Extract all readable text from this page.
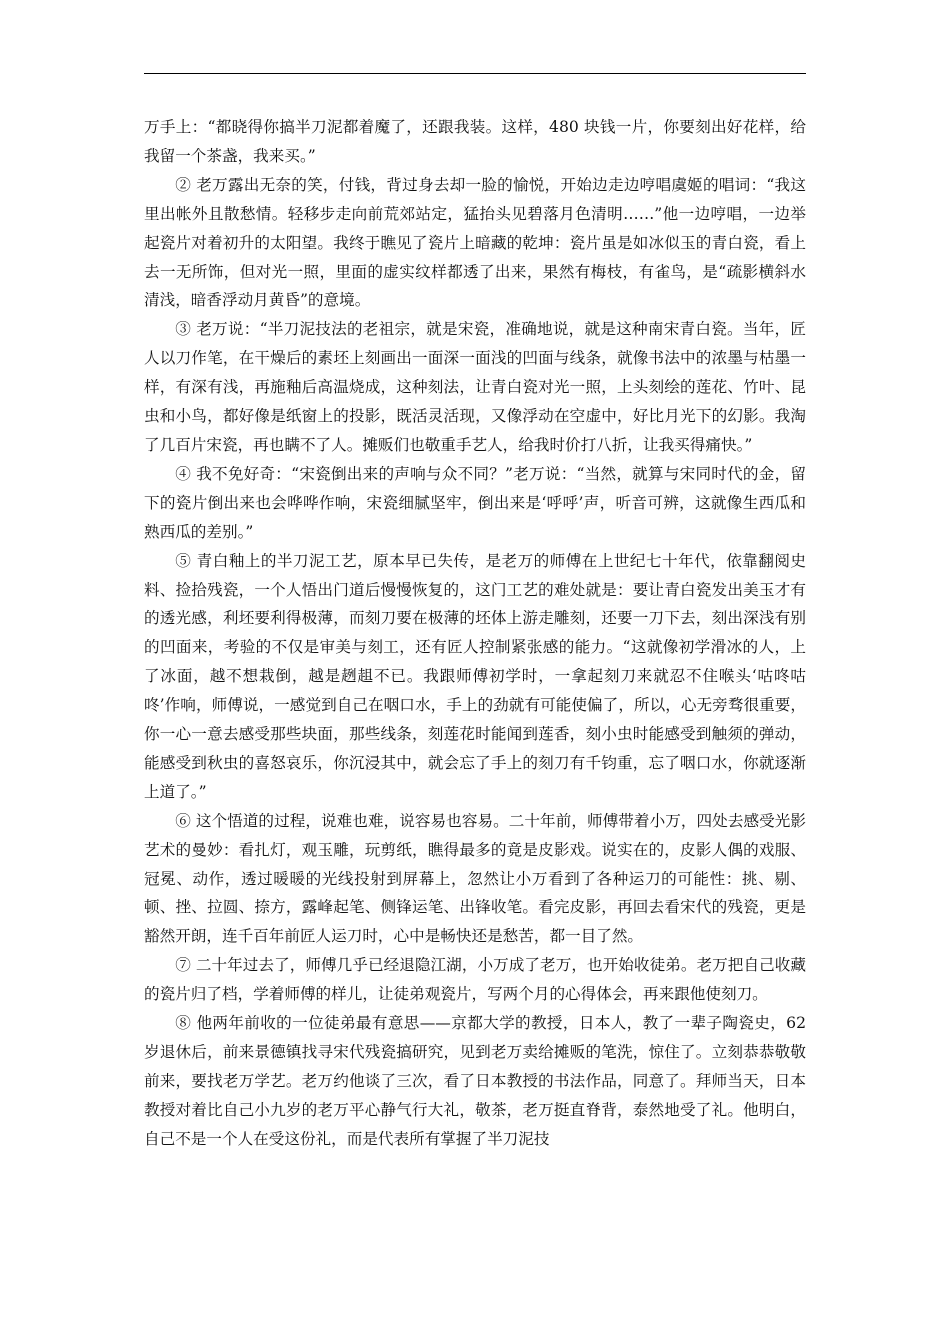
万手上：“都晓得你搞半刀泥都着魔了，还跟我装。这样，480 块钱一片，你要刻出好花样，给我留一个茶盏，我来买。”

② 老万露出无奈的笑，付钱，背过身去却一脸的愉悦，开始边走边哼唱虞姬的唱词：“我这里出帐外且散愁情。轻移步走向前荒郊站定，猛抬头见碧落月色清明……”他一边哼唱，一边举起瓷片对着初升的太阳望。我终于瞧见了瓷片上暗藏的乾坤：瓷片虽是如冰似玉的青白瓷，看上去一无所饰，但对光一照，里面的虚实纹样都透了出来，果然有梅枝，有雀鸟，是“疏影横斜水清浅，暗香浮动月黄昏”的意境。

③ 老万说：“半刀泥技法的老祖宗，就是宋瓷，准确地说，就是这种南宋青白瓷。当年，匠人以刀作笔，在干燥后的素坯上刻画出一面深一面浅的凹面与线条，就像书法中的浓墨与枯墨一样，有深有浅，再施釉后高温烧成，这种刻法，让青白瓷对光一照，上头刻绘的莲花、竹叶、昆虫和小鸟，都好像是纸窗上的投影，既活灵活现，又像浮动在空虚中，好比月光下的幻影。我淘了几百片宋瓷，再也瞒不了人。摊贩们也敬重手艺人，给我时价打八折，让我买得痛快。”

④ 我不免好奇：“宋瓷倒出来的声响与众不同？”老万说：“当然，就算与宋同时代的金，留下的瓷片倒出来也会哗哗作响，宋瓷细腻坚牢，倒出来是‘呼呼’声，听音可辨，这就像生西瓜和熟西瓜的差别。”

⑤ 青白釉上的半刀泥工艺，原本早已失传，是老万的师傅在上世纪七十年代，依靠翻阅史料、捡拾残瓷，一个人悟出门道后慢慢恢复的，这门工艺的难处就是：要让青白瓷发出美玉才有的透光感，利坯要利得极薄，而刻刀要在极薄的坯体上游走雕刻，还要一刀下去，刻出深浅有别的凹面来，考验的不仅是审美与刻工，还有匠人控制紧张感的能力。“这就像初学滑冰的人，上了冰面，越不想栽倒，越是趔趄不已。我跟师傅初学时，一拿起刻刀来就忍不住喉头‘咕咚咕咚’作响，师傅说，一感觉到自己在咽口水，手上的劲就有可能使偏了，所以，心无旁骛很重要，你一心一意去感受那些块面，那些线条，刻莲花时能闻到莲香，刻小虫时能感受到触须的弹动，能感受到秋虫的喜怒哀乐，你沉浸其中，就会忘了手上的刻刀有千钧重，忘了咽口水，你就逐渐上道了。”

⑥ 这个悟道的过程，说难也难，说容易也容易。二十年前，师傅带着小万，四处去感受光影艺术的曼妙：看扎灯，观玉雕，玩剪纸，瞧得最多的竟是皮影戏。说实在的，皮影人偶的戏服、冠冕、动作，透过暖暖的光线投射到屏幕上，忽然让小万看到了各种运刀的可能性：挑、剔、顿、挫、拉圆、捺方，露峰起笔、侧锋运笔、出锋收笔。看完皮影，再回去看宋代的残瓷，更是豁然开朗，连千百年前匠人运刀时，心中是畅快还是愁苦，都一目了然。

⑦ 二十年过去了，师傅几乎已经退隐江湖，小万成了老万，也开始收徒弟。老万把自己收藏的瓷片归了档，学着师傅的样儿，让徒弟观瓷片，写两个月的心得体会，再来跟他使刻刀。

⑧ 他两年前收的一位徒弟最有意思——京都大学的教授，日本人，教了一辈子陶瓷史，62 岁退休后，前来景德镇找寻宋代残瓷搞研究，见到老万卖给摊贩的笔洗，惊住了。立刻恭恭敬敬前来，要找老万学艺。老万约他谈了三次，看了日本教授的书法作品，同意了。拜师当天，日本教授对着比自己小九岁的老万平心静气行大礼，敬茶，老万挺直脊背，泰然地受了礼。他明白，自己不是一个人在受这份礼，而是代表所有掌握了半刀泥技
